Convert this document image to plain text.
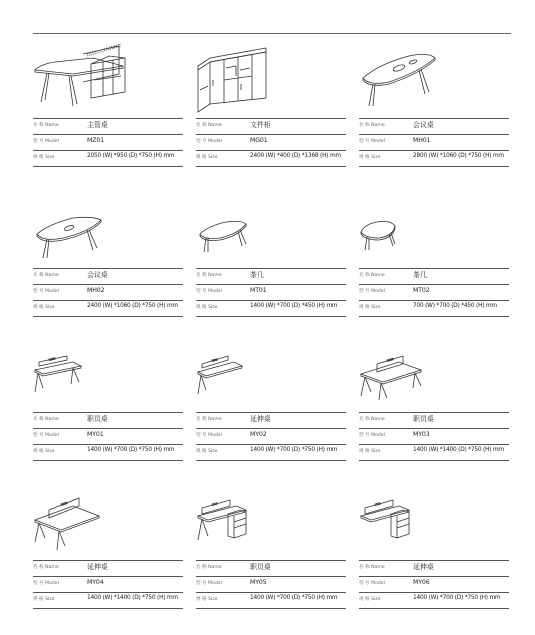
名 称 Name	主管桌
型 号 Model	MZ01
规 格 Size	2050 (W) *950 (D) *750 (H) mm
名 称 Name	文件柜
型 号 Model	MG01
规 格 Size	2400 (W) *400 (D) *1368 (H) mm
名 称 Name	会议桌
型 号 Model	MH01
规 格 Size	2800 (W) *1060 (D) *750 (H) mm
名 称 Name	会议桌
型 号 Model	MH02
规 格 Size	2400 (W) *1060 (D) *750 (H) mm
名 称 Name	茶几
型 号 Model	MT01
规 格 Size	1400 (W) *700 (D) *450 (H) mm
名 称 Name	茶几
型 号 Model	MT02
规 格 Size	700 (W) *700 (D) *450 (H) mm
名 称 Name	职员桌
型 号 Model	MY01
规 格 Size	1400 (W) *700 (D) *750 (H) mm
名 称 Name	延伸桌
型 号 Model	MY02
规 格 Size	1400 (W) *700 (D) *750 (H) mm
名 称 Name	职员桌
型 号 Model	MY03
规 格 Size	1400 (W) *1400 (D) *750 (H) mm
名 称 Name	延伸桌
型 号 Model	MY04
规 格 Size	1400 (W) *1400 (D) *750 (H) mm
名 称 Name	职员桌
型 号 Model	MY05
规 格 Size	1400 (W) *700 (D) *750 (H) mm
名 称 Name	延伸桌
型 号 Model	MY06
规 格 Size	1400 (W) *700 (D) *750 (H) mm
